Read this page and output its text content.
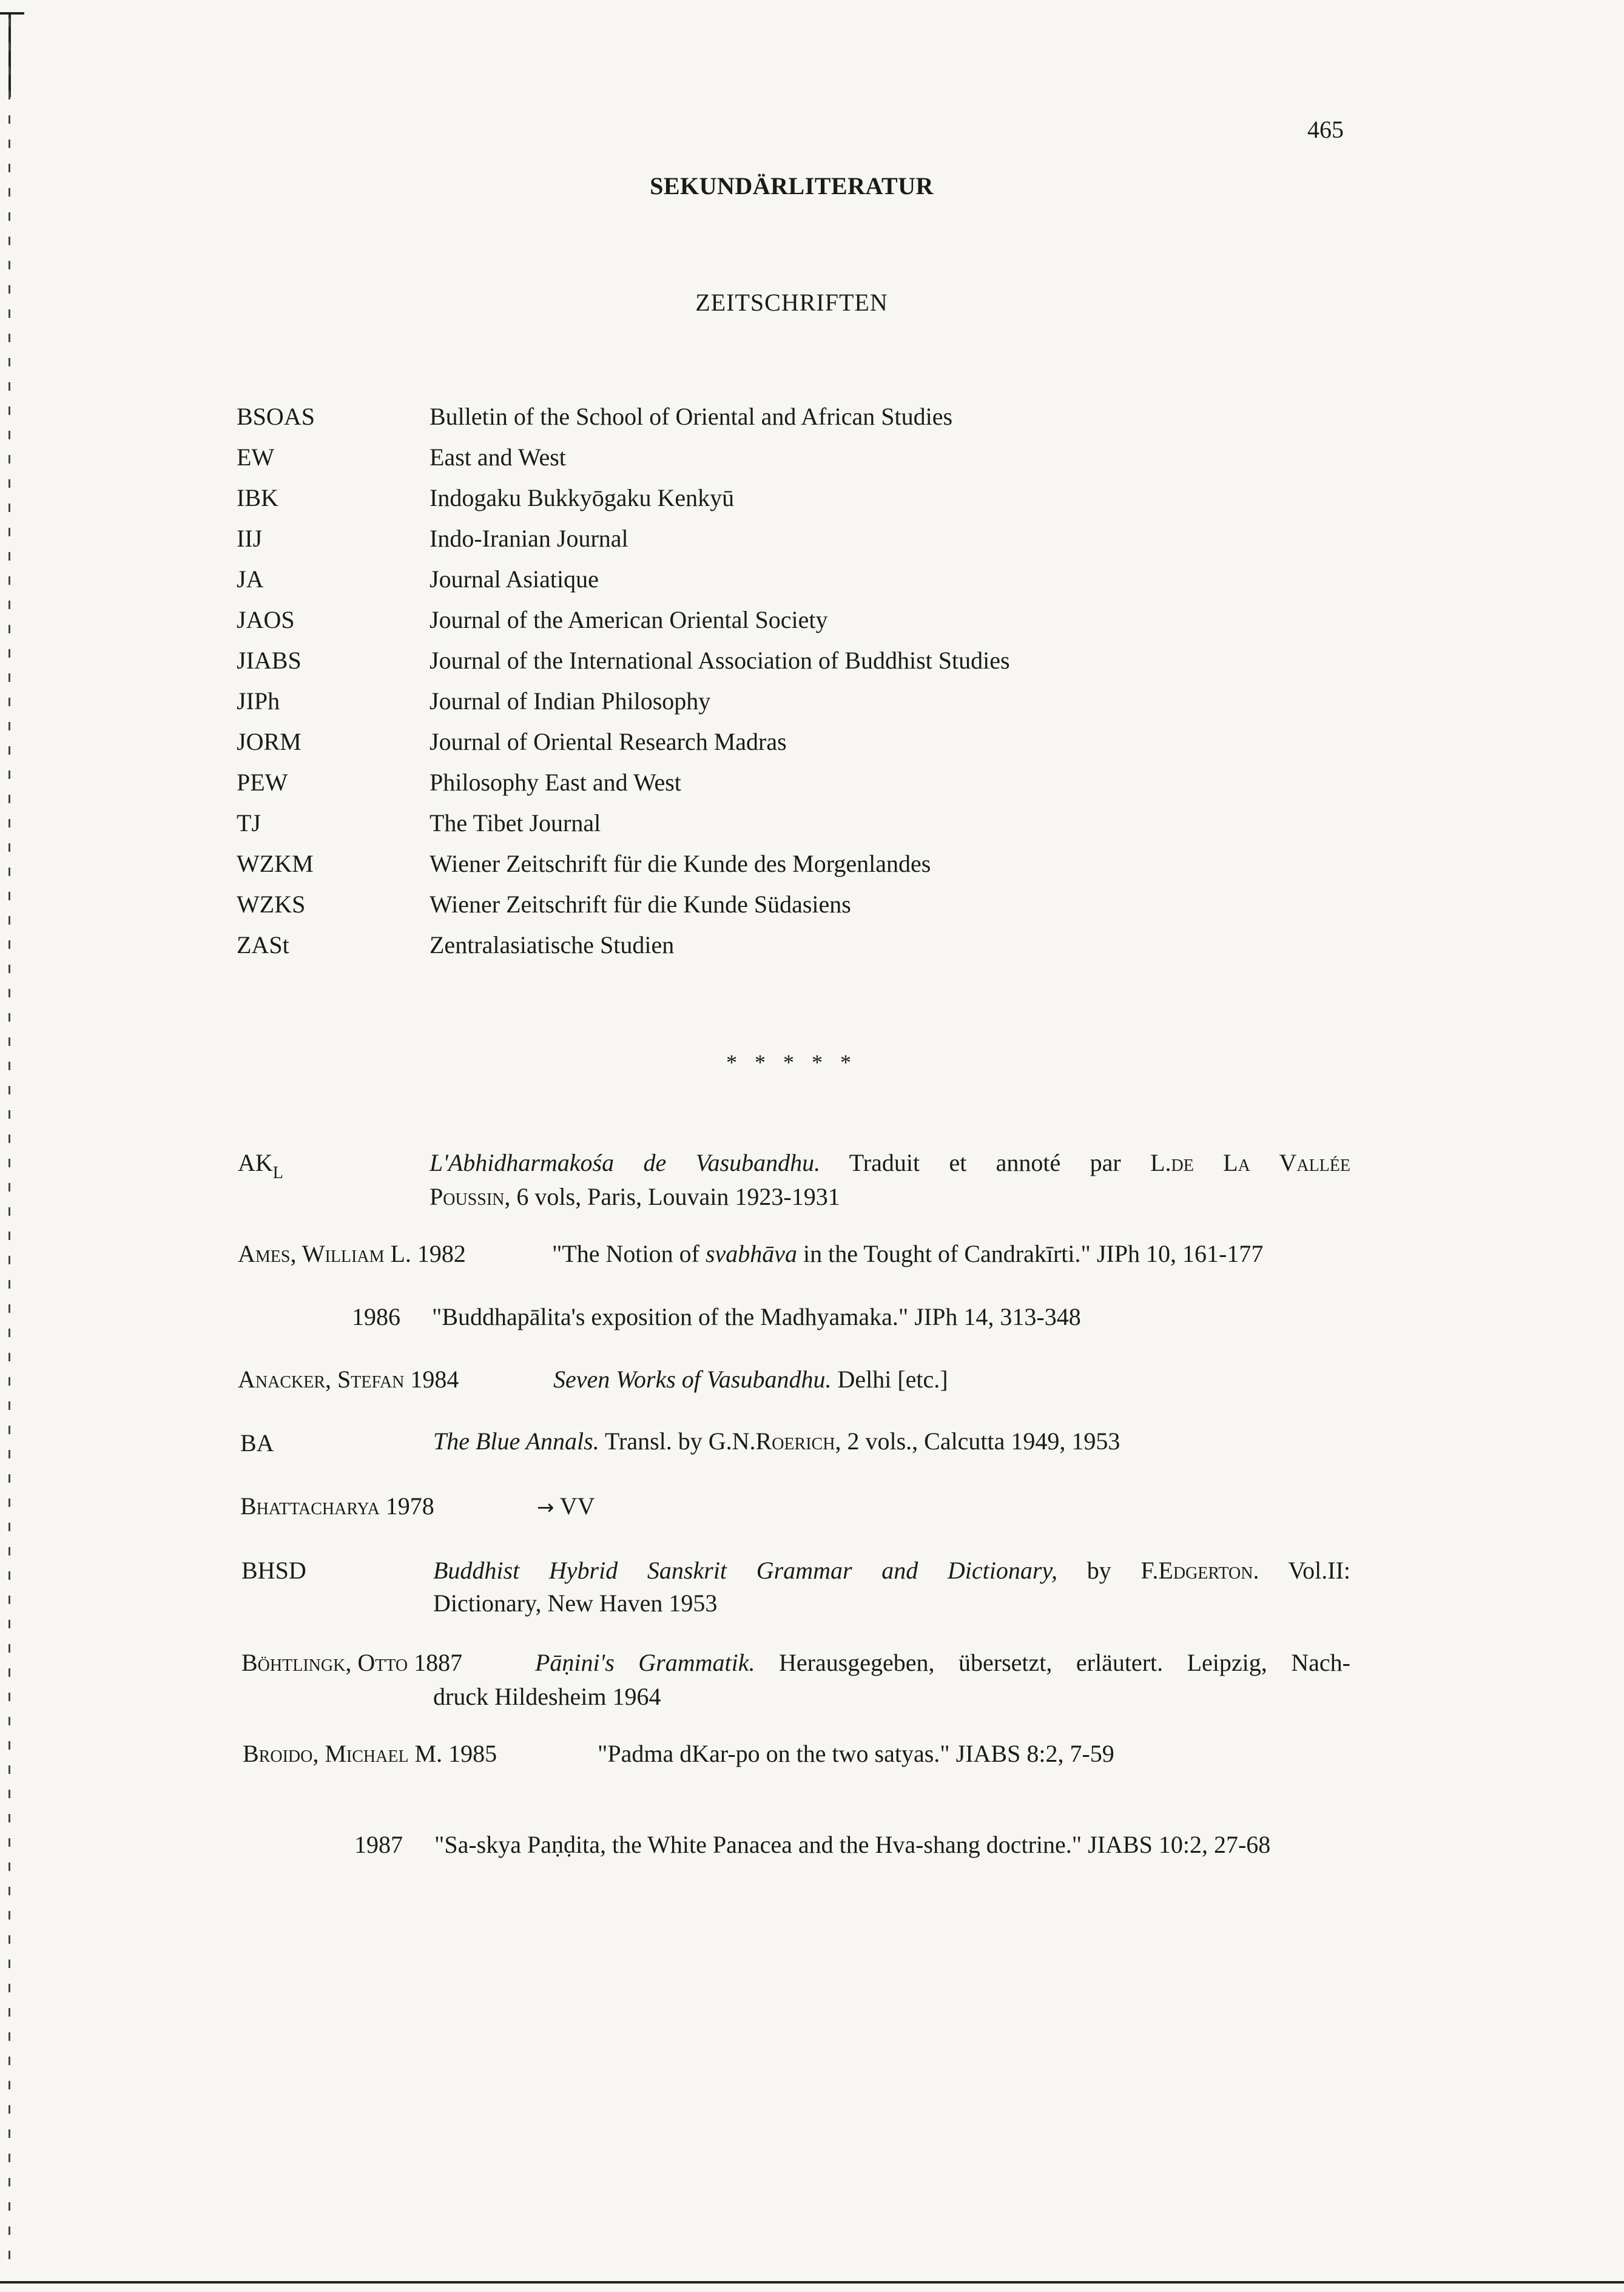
465
SEKUNDÄRLITERATUR
ZEITSCHRIFTEN
BSOAS	Bulletin of the School of Oriental and African Studies
EW	East and West
IBK	Indogaku Bukkyōgaku Kenkyū
IIJ	Indo-Iranian Journal
JA	Journal Asiatique
JAOS	Journal of the American Oriental Society
JIABS	Journal of the International Association of Buddhist Studies
JIPh	Journal of Indian Philosophy
JORM	Journal of Oriental Research Madras
PEW	Philosophy East and West
TJ	The Tibet Journal
WZKM	Wiener Zeitschrift für die Kunde des Morgenlandes
WZKS	Wiener Zeitschrift für die Kunde Südasiens
ZASt	Zentralasiatische Studien
* * * * *
$AK_L$	L'Abhidharmakośa de Vasubandhu. Traduit et annoté par L.de La Vallée
Poussin, 6 vols, Paris, Louvain 1923-1931
Ames, William L. 1982	"The Notion of svabhāva in the Tought of Candrakīrti." JIPh 10, 161-177
1986 "Buddhapālita's exposition of the Madhyamaka." JIPh 14, 313-348
Anacker, Stefan 1984	Seven Works of Vasubandhu. Delhi [etc.]
BA	The Blue Annals. Transl. by G.N.Roerich, 2 vols., Calcutta 1949, 1953
Bhattacharya 1978	→ VV
BHSD	Buddhist Hybrid Sanskrit Grammar and Dictionary, by F.Edgerton. Vol.II:
Dictionary, New Haven 1953
Böhtlingk, Otto 1887	Pāṇini's Grammatik. Herausgegeben, übersetzt, erläutert. Leipzig, Nach-
druck Hildesheim 1964
Broido, Michael M. 1985	"Padma dKar-po on the two satyas." JIABS 8:2, 7-59
1987 "Sa-skya Paṇḍita, the White Panacea and the Hva-shang doctrine." JIABS 10:2, 27-68
